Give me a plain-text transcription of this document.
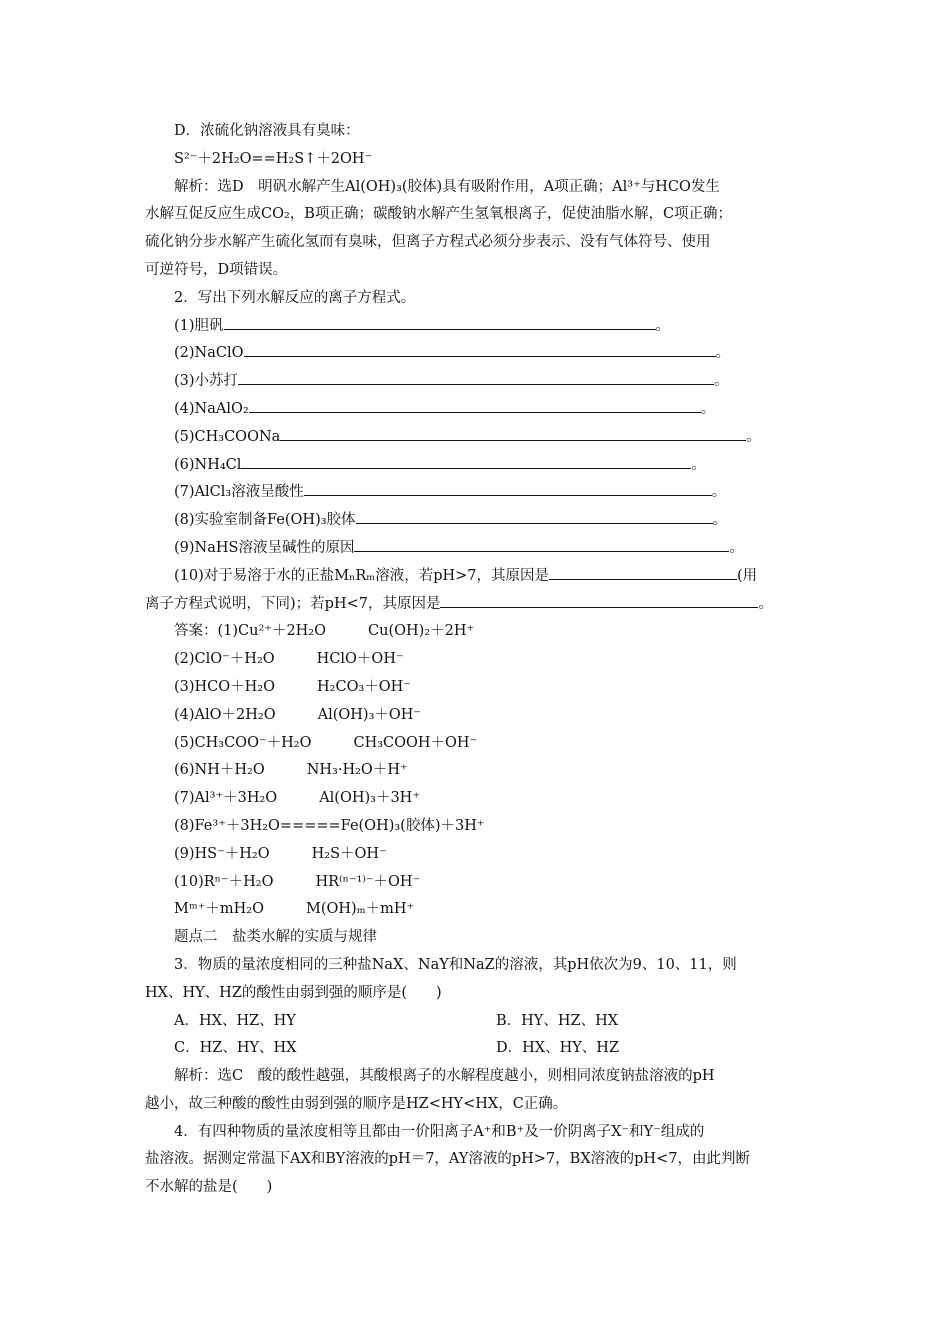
D．浓硫化钠溶液具有臭味：
S²⁻＋2H₂O==H₂S↑＋2OH⁻
解析：选D　明矾水解产生Al(OH)₃(胶体)具有吸附作用，A项正确；Al³⁺与HCO发生
水解互促反应生成CO₂，B项正确；碳酸钠水解产生氢氧根离子，促使油脂水解，C项正确；
硫化钠分步水解产生硫化氢而有臭味，但离子方程式必须分步表示、没有气体符号、使用
可逆符号，D项错误。
2．写出下列水解反应的离子方程式。
(1)胆矾	。
(2)NaClO	。
(3)小苏打	。
(4)NaAlO₂	。
(5)CH₃COONa	。
(6)NH₄Cl	。
(7)AlCl₃溶液呈酸性	。
(8)实验室制备Fe(OH)₃胶体	。
(9)NaHS溶液呈碱性的原因	。
(10)对于易溶于水的正盐MₙRₘ溶液，若pH>7，其原因是	(用
离子方程式说明，下同)；若pH<7，其原因是	。
答案：(1)Cu²⁺＋2H₂O	Cu(OH)₂＋2H⁺
(2)ClO⁻＋H₂O	HClO＋OH⁻
(3)HCO＋H₂O	H₂CO₃＋OH⁻
(4)AlO＋2H₂O	Al(OH)₃＋OH⁻
(5)CH₃COO⁻＋H₂O	CH₃COOH＋OH⁻
(6)NH＋H₂O	NH₃·H₂O＋H⁺
(7)Al³⁺＋3H₂O	Al(OH)₃＋3H⁺
(8)Fe³⁺＋3H₂O=====Fe(OH)₃(胶体)＋3H⁺
(9)HS⁻＋H₂O	H₂S＋OH⁻
(10)Rⁿ⁻＋H₂O	HR⁽ⁿ⁻¹⁾⁻＋OH⁻
Mᵐ⁺＋mH₂O	M(OH)ₘ＋mH⁺
题点二　盐类水解的实质与规律
3．物质的量浓度相同的三种盐NaX、NaY和NaZ的溶液，其pH依次为9、10、11，则
HX、HY、HZ的酸性由弱到强的顺序是(　　)
A．HX、HZ、HY	B．HY、HZ、HX
C．HZ、HY、HX	D．HX、HY、HZ
解析：选C　酸的酸性越强，其酸根离子的水解程度越小，则相同浓度钠盐溶液的pH
越小，故三种酸的酸性由弱到强的顺序是HZ<HY<HX，C正确。
4．有四种物质的量浓度相等且都由一价阳离子A⁺和B⁺及一价阴离子X⁻和Y⁻组成的
盐溶液。据测定常温下AX和BY溶液的pH＝7，AY溶液的pH>7，BX溶液的pH<7，由此判断
不水解的盐是(　　)
